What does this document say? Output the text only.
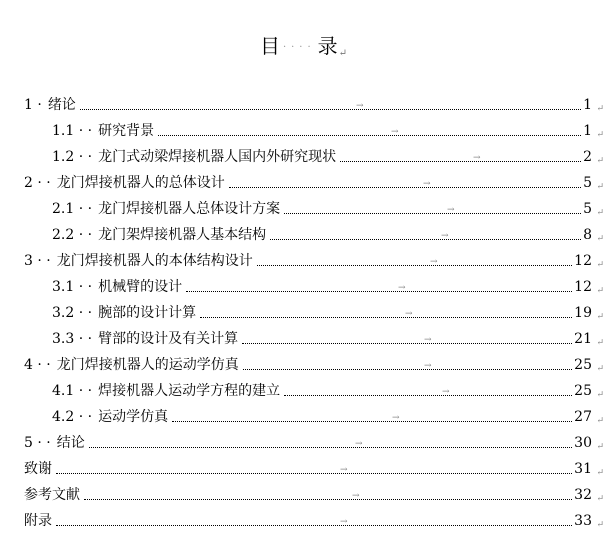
目 ···· 录↵
→
1 · 绪论	1 ↵
→
1.1 · · 研究背景	1 ↵
→
1.2 · · 龙门式动梁焊接机器人国内外研究现状	2 ↵
→
2 · · 龙门焊接机器人的总体设计	5 ↵
→
2.1 · · 龙门焊接机器人总体设计方案	5 ↵
→
2.2 · · 龙门架焊接机器人基本结构	8 ↵
→
3 · · 龙门焊接机器人的本体结构设计	12 ↵
→
3.1 · · 机械臂的设计	12 ↵
→
3.2 · · 腕部的设计计算	19 ↵
→
3.3 · · 臂部的设计及有关计算	21 ↵
→
4 · · 龙门焊接机器人的运动学仿真	25 ↵
→
4.1 · · 焊接机器人运动学方程的建立	25 ↵
→
4.2 · · 运动学仿真	27 ↵
→
5 · · 结论	30 ↵
→
致谢	31 ↵
→
参考文献	32 ↵
→
附录	33 ↵
